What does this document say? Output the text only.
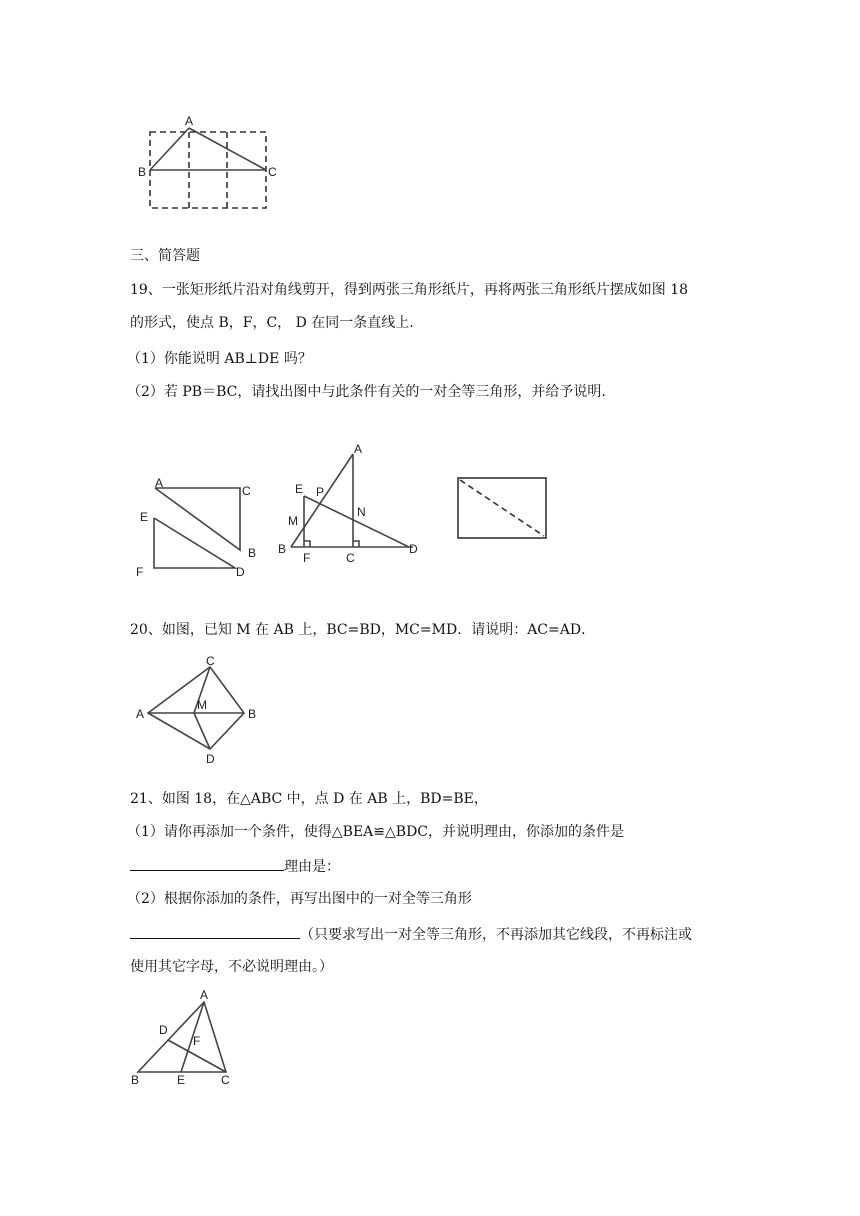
A
B	C
三、简答题
19、一张矩形纸片沿对角线剪开，得到两张三角形纸片，再将两张三角形纸片摆成如图 18
的形式，使点 B，F，C， D 在同一条直线上.
（1）你能说明 AB⊥DE 吗？
（2）若 PB＝BC，请找出图中与此条件有关的一对全等三角形，并给予说明.
A
C
E
B
F	D
A
E P
M
N
B
F	C
D
20、如图，已知 M 在 AB 上，BC=BD，MC=MD．请说明：AC=AD．
C
A
M
B
D
21、如图 18，在△ABC 中，点 D 在 AB 上，BD=BE，
（1）请你再添加一个条件，使得△BEA≌△BDC，并说明理由，你添加的条件是
理由是：
（2）根据你添加的条件，再写出图中的一对全等三角形
（只要求写出一对全等三角形，不再添加其它线段，不再标注或
使用其它字母，不必说明理由。）
A
D
F
B	E	C
